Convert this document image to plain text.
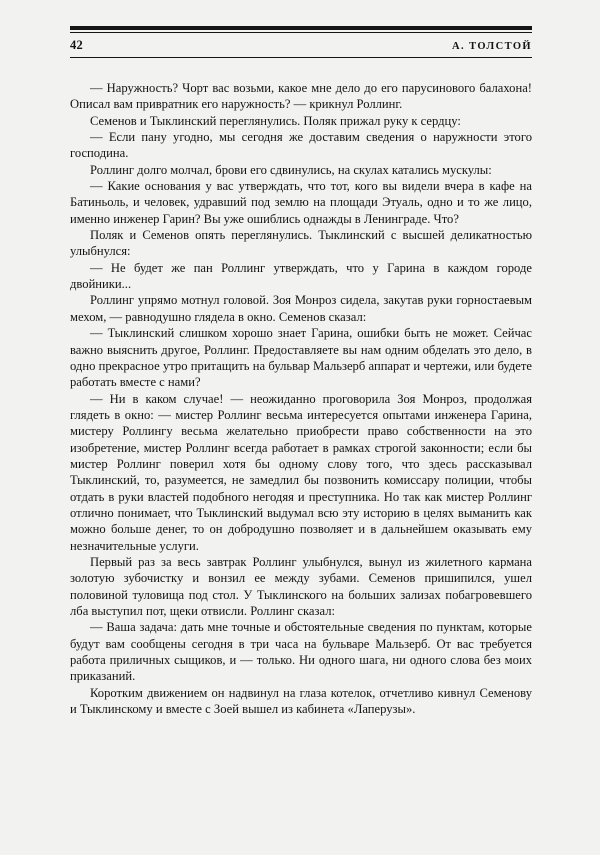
42	А. ТОЛСТОЙ

— Наружность? Чорт вас возьми, какое мне дело до его парусинового балахона! Описал вам привратник его наружность? — крикнул Роллинг.

Семенов и Тыклинский переглянулись. Поляк прижал руку к сердцу:

— Если пану угодно, мы сегодня же доставим сведения о наружности этого господина.

Роллинг долго молчал, брови его сдвинулись, на скулах катались мускулы:

— Какие основания у вас утверждать, что тот, кого вы видели вчера в кафе на Батиньоль, и человек, удравший под землю на площади Этуаль, одно и то же лицо, именно инженер Гарин? Вы уже ошиблись однажды в Ленинграде. Что?

Поляк и Семенов опять переглянулись. Тыклинский с высшей деликатностью улыбнулся:

— Не будет же пан Роллинг утверждать, что у Гарина в каждом городе двойники...

Роллинг упрямо мотнул головой. Зоя Монроз сидела, закутав руки горностаевым мехом, — равнодушно глядела в окно. Семенов сказал:

— Тыклинский слишком хорошо знает Гарина, ошибки быть не может. Сейчас важно выяснить другое, Роллинг. Предоставляете вы нам одним обделать это дело, в одно прекрасное утро притащить на бульвар Мальзерб аппарат и чертежи, или будете работать вместе с нами?

— Ни в каком случае! — неожиданно проговорила Зоя Монроз, продолжая глядеть в окно: — мистер Роллинг весьма интересуется опытами инженера Гарина, мистеру Роллингу весьма желательно приобрести право собственности на это изобретение, мистер Роллинг всегда работает в рамках строгой законности; если бы мистер Роллинг поверил хотя бы одному слову того, что здесь рассказывал Тыклинский, то, разумеется, не замедлил бы позвонить комиссару полиции, чтобы отдать в руки властей подобного негодяя и преступника. Но так как мистер Роллинг отлично понимает, что Тыклинский выдумал всю эту историю в целях выманить как можно больше денег, то он добродушно позволяет и в дальнейшем оказывать ему незначительные услуги.

Первый раз за весь завтрак Роллинг улыбнулся, вынул из жилетного кармана золотую зубочистку и вонзил ее между зубами. Семенов пришипился, ушел половиной туловища под стол. У Тыклинского на больших зализах побагровевшего лба выступил пот, щеки отвисли. Роллинг сказал:

— Ваша задача: дать мне точные и обстоятельные сведения по пунктам, которые будут вам сообщены сегодня в три часа на бульваре Мальзерб. От вас требуется работа приличных сыщиков, и — только. Ни одного шага, ни одного слова без моих приказаний.

Коротким движением он надвинул на глаза котелок, отчетливо кивнул Семенову и Тыклинскому и вместе с Зоей вышел из кабинета «Лаперузы».
